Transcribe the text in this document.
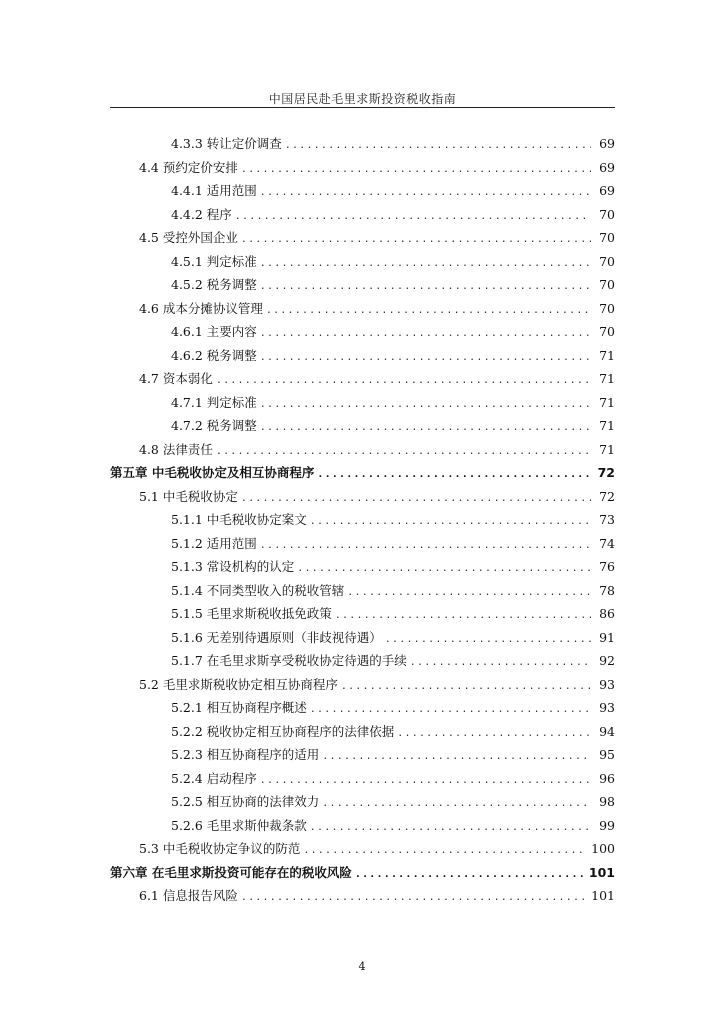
中国居民赴毛里求斯投资税收指南
4.3.3 转让定价调查 .....	69
4.4 预约定价安排 .....	69
4.4.1 适用范围 .....	69
4.4.2 程序 .....	70
4.5 受控外国企业 .....	70
4.5.1 判定标准 .....	70
4.5.2 税务调整 .....	70
4.6 成本分摊协议管理 .....	70
4.6.1 主要内容 .....	70
4.6.2 税务调整 .....	71
4.7 资本弱化 .....	71
4.7.1 判定标准 .....	71
4.7.2 税务调整 .....	71
4.8 法律责任 .....	71
第五章 中毛税收协定及相互协商程序 .....	72
5.1 中毛税收协定 .....	72
5.1.1 中毛税收协定案文 .....	73
5.1.2 适用范围 .....	74
5.1.3 常设机构的认定 .....	76
5.1.4 不同类型收入的税收管辖 .....	78
5.1.5 毛里求斯税收抵免政策 .....	86
5.1.6 无差别待遇原则（非歧视待遇） .....	91
5.1.7 在毛里求斯享受税收协定待遇的手续 .....	92
5.2 毛里求斯税收协定相互协商程序 .....	93
5.2.1 相互协商程序概述 .....	93
5.2.2 税收协定相互协商程序的法律依据 .....	94
5.2.3 相互协商程序的适用 .....	95
5.2.4 启动程序 .....	96
5.2.5 相互协商的法律效力 .....	98
5.2.6 毛里求斯仲裁条款 .....	99
5.3 中毛税收协定争议的防范 .....	100
第六章 在毛里求斯投资可能存在的税收风险 .....	101
6.1 信息报告风险 .....	101
4
